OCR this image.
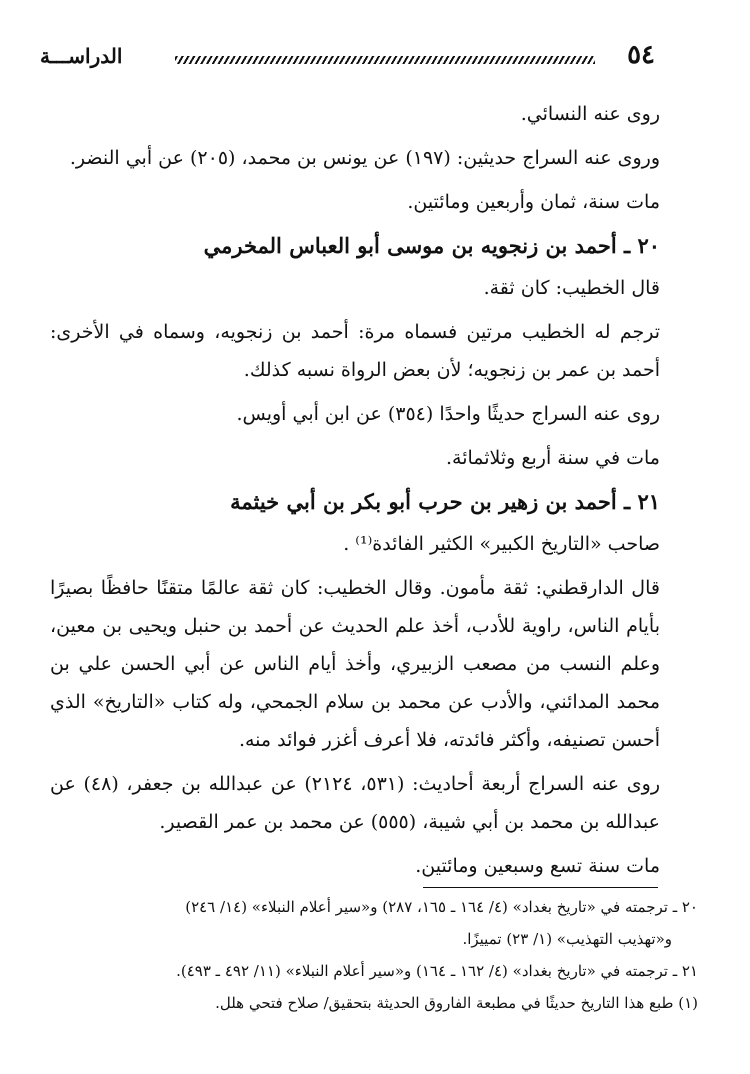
٥٤
الدراســـة

روى عنه النسائي.

وروى عنه السراج حديثين: (١٩٧) عن يونس بن محمد، (٢٠٥) عن أبي النضر.

مات سنة، ثمان وأربعين ومائتين.

٢٠ ـ أحمد بن زنجويه بن موسى أبو العباس المخرمي

قال الخطيب: كان ثقة.

ترجم له الخطيب مرتين فسماه مرة: أحمد بن زنجويه، وسماه في الأخرى: أحمد بن عمر بن زنجويه؛ لأن بعض الرواة نسبه كذلك.

روى عنه السراج حديثًا واحدًا (٣٥٤) عن ابن أبي أويس.

مات في سنة أربع وثلاثمائة.

٢١ ـ أحمد بن زهير بن حرب أبو بكر بن أبي خيثمة

صاحب «التاريخ الكبير» الكثير الفائدة⁽¹⁾ .

قال الدارقطني: ثقة مأمون. وقال الخطيب: كان ثقة عالمًا متقنًا حافظًا بصيرًا بأيام الناس، راوية للأدب، أخذ علم الحديث عن أحمد بن حنبل ويحيى بن معين، وعلم النسب من مصعب الزبيري، وأخذ أيام الناس عن أبي الحسن علي بن محمد المدائني، والأدب عن محمد بن سلام الجمحي، وله كتاب «التاريخ» الذي أحسن تصنيفه، وأكثر فائدته، فلا أعرف أغزر فوائد منه.

روى عنه السراج أربعة أحاديث: (٥٣١، ٢١٢٤) عن عبدالله بن جعفر، (٤٨) عن عبدالله بن محمد بن أبي شيبة، (٥٥٥) عن محمد بن عمر القصير.

مات سنة تسع وسبعين ومائتين.

٢٠ ـ ترجمته في «تاريخ بغداد» (٤/ ١٦٤ ـ ١٦٥، ٢٨٧) و«سير أعلام النبلاء» (١٤/ ٢٤٦)

و«تهذيب التهذيب» (١/ ٢٣) تمييزًا.

٢١ ـ ترجمته في «تاريخ بغداد» (٤/ ١٦٢ ـ ١٦٤) و«سير أعلام النبلاء» (١١/ ٤٩٢ ـ ٤٩٣).

(١) طبع هذا التاريخ حديثًا في مطبعة الفاروق الحديثة بتحقيق/ صلاح فتحي هلل.
